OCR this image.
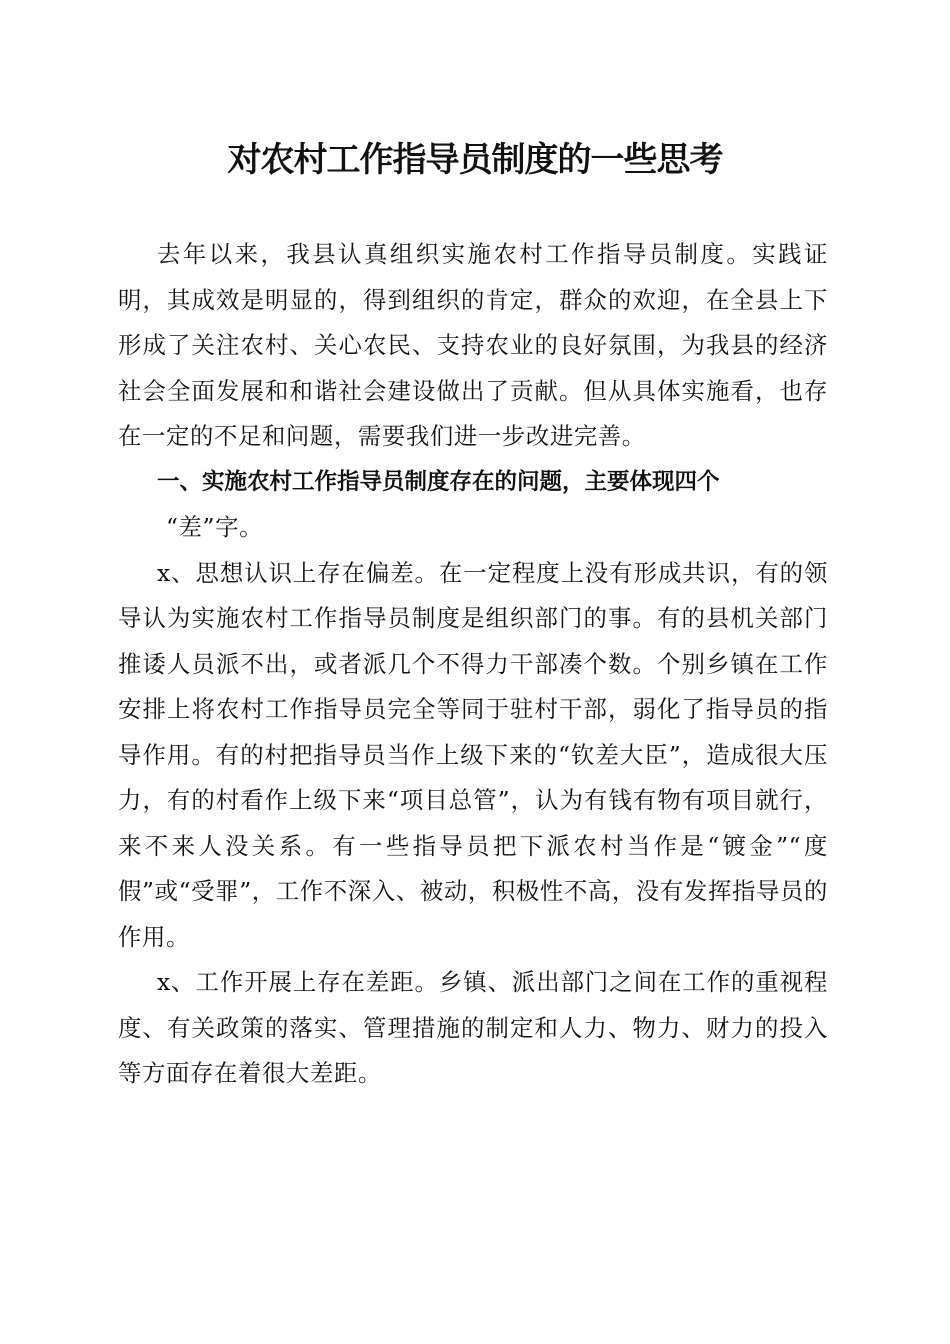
对农村工作指导员制度的一些思考

去年以来，我县认真组织实施农村工作指导员制度。实践证明，其成效是明显的，得到组织的肯定，群众的欢迎，在全县上下形成了关注农村、关心农民、支持农业的良好氛围，为我县的经济社会全面发展和和谐社会建设做出了贡献。但从具体实施看，也存在一定的不足和问题，需要我们进一步改进完善。

一、实施农村工作指导员制度存在的问题，主要体现四个
“差”字。

x、思想认识上存在偏差。在一定程度上没有形成共识，有的领导认为实施农村工作指导员制度是组织部门的事。有的县机关部门推诿人员派不出，或者派几个不得力干部凑个数。个别乡镇在工作安排上将农村工作指导员完全等同于驻村干部，弱化了指导员的指导作用。有的村把指导员当作上级下来的“钦差大臣”，造成很大压力，有的村看作上级下来“项目总管”，认为有钱有物有项目就行，来不来人没关系。有一些指导员把下派农村当作是“镀金”“度假”或“受罪”，工作不深入、被动，积极性不高，没有发挥指导员的作用。

x、工作开展上存在差距。乡镇、派出部门之间在工作的重视程度、有关政策的落实、管理措施的制定和人力、物力、财力的投入等方面存在着很大差距。
